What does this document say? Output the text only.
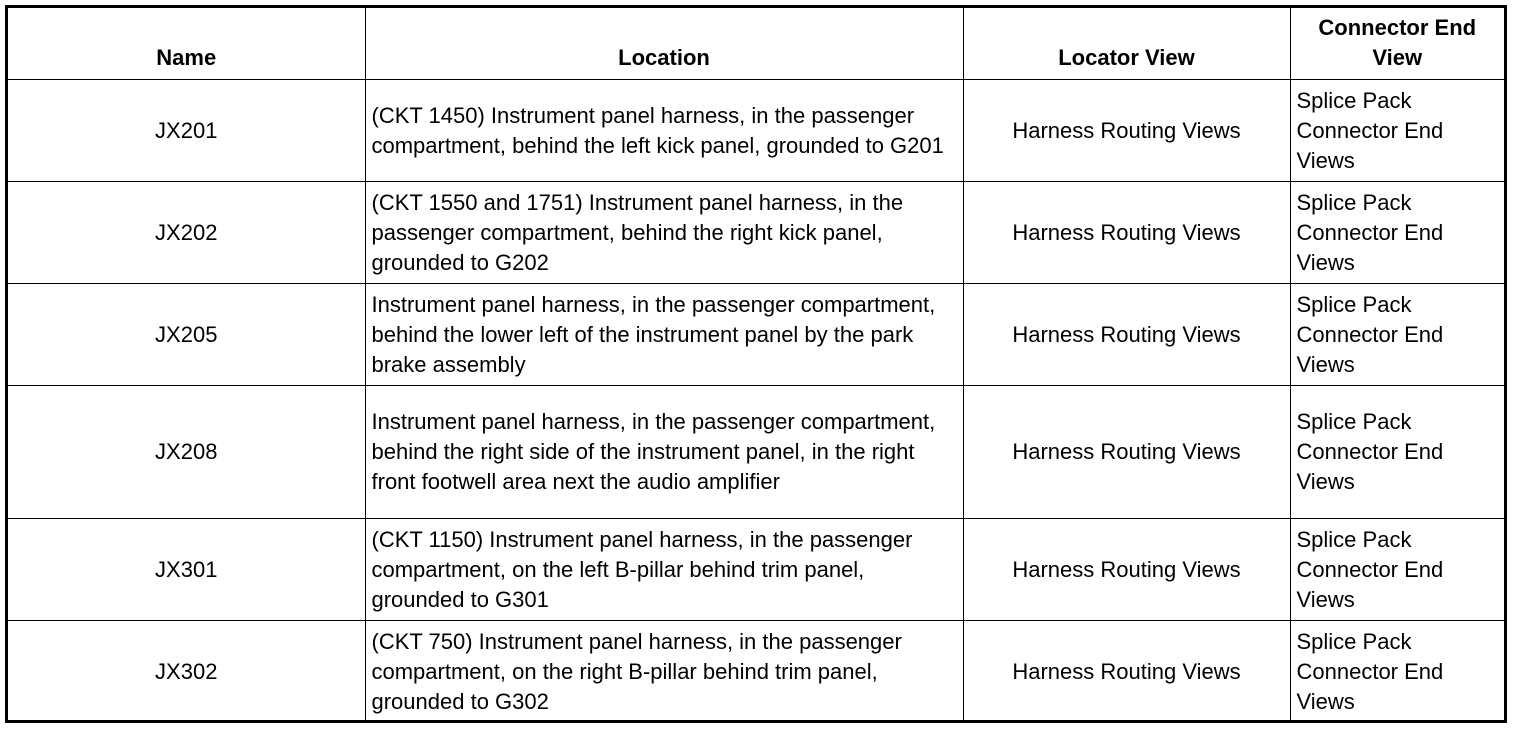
Name	Location	Locator View	Connector End View
JX201	(CKT 1450) Instrument panel harness, in the passenger compartment, behind the left kick panel, grounded to G201	Harness Routing Views	Splice Pack Connector End Views
JX202	(CKT 1550 and 1751) Instrument panel harness, in the passenger compartment, behind the right kick panel, grounded to G202	Harness Routing Views	Splice Pack Connector End Views
JX205	Instrument panel harness, in the passenger compartment, behind the lower left of the instrument panel by the park brake assembly	Harness Routing Views	Splice Pack Connector End Views
JX208	Instrument panel harness, in the passenger compartment, behind the right side of the instrument panel, in the right front footwell area next the audio amplifier	Harness Routing Views	Splice Pack Connector End Views
JX301	(CKT 1150) Instrument panel harness, in the passenger compartment, on the left B-pillar behind trim panel, grounded to G301	Harness Routing Views	Splice Pack Connector End Views
JX302	(CKT 750) Instrument panel harness, in the passenger compartment, on the right B-pillar behind trim panel, grounded to G302	Harness Routing Views	Splice Pack Connector End Views
